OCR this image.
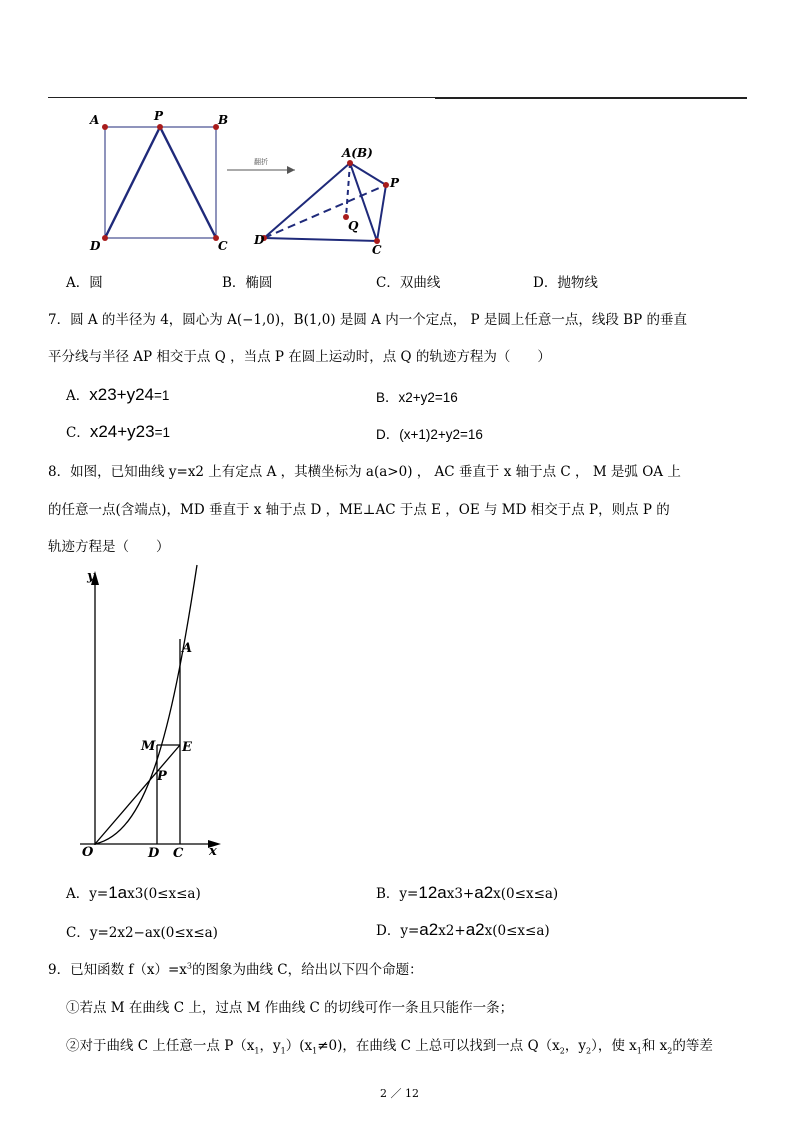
A	P	B
D	C
A(B)
P
Q
D
C
翻折
A．圆	B．椭圆	C．双曲线	D．抛物线
7．圆 A 的半径为 4，圆心为 A(−1,0)，B(1,0) 是圆 A 内一个定点， P 是圆上任意一点，线段 BP 的垂直
平分线与半径 AP 相交于点 Q ，当点 P 在圆上运动时，点 Q 的轨迹方程为（　　）
A．x23+y24=1	B．x2+y2=16
C．x24+y23=1	D．(x+1)2+y2=16
8．如图，已知曲线 y=x2 上有定点 A ，其横坐标为 a(a>0) ， AC 垂直于 x 轴于点 C ， M 是弧 OA 上
的任意一点(含端点)，MD 垂直于 x 轴于点 D ，ME⊥AC 于点 E ，OE 与 MD 相交于点 P，则点 P 的
轨迹方程是（　　）
y
A
M E
P
O	D C x
A．y=1ax3(0≤x≤a)	B．y=12ax3+a2x(0≤x≤a)
C．y=2x2−ax(0≤x≤a)	D．y=a2x2+a2x(0≤x≤a)
9．已知函数 $f(x)=x^3$的图象为曲线 C，给出以下四个命题：
①若点 M 在曲线 C 上，过点 M 作曲线 C 的切线可作一条且只能作一条；
②对于曲线 C 上任意一点 $P(x_1$，$y_1)(x_1\ne 0)$，在曲线 C 上总可以找到一点 $Q(x_2$，$y_2$），使 $x_1$和 $x_2$的等差
2 ／ 12
